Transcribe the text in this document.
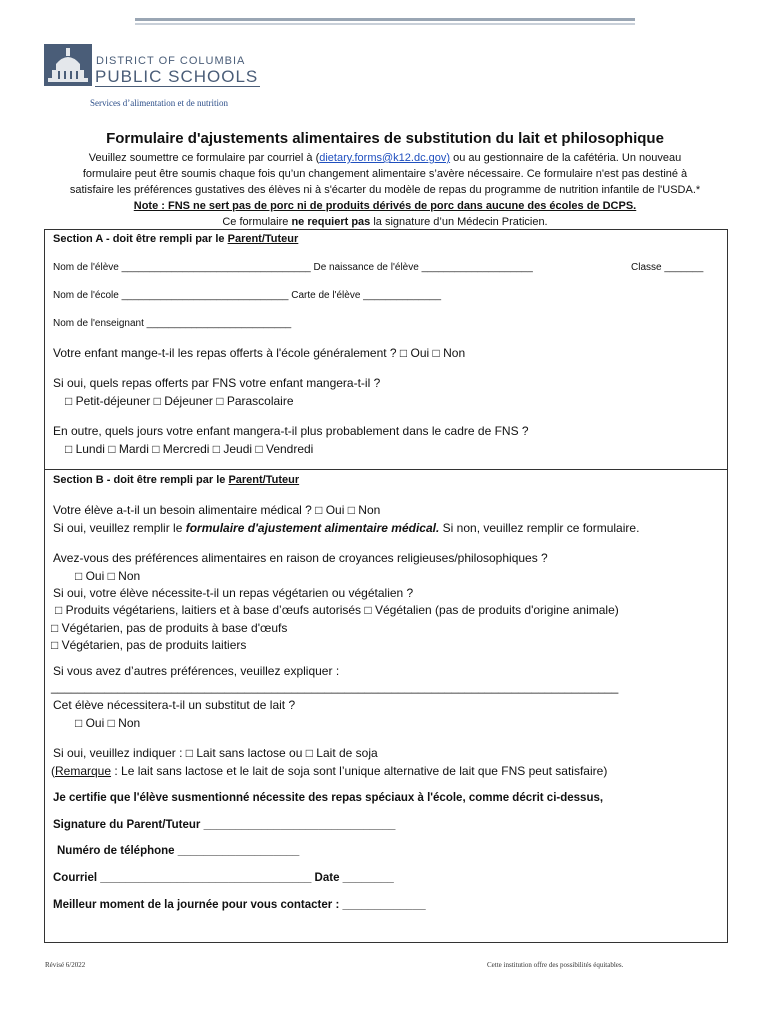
DISTRICT OF COLUMBIA
PUBLIC SCHOOLS
Services d’alimentation et de nutrition
Formulaire d'ajustements alimentaires de substitution du lait et philosophique
Veuillez soumettre ce formulaire par courriel à (dietary.forms@k12.dc.gov) ou au gestionnaire de la cafétéria. Un nouveau
formulaire peut être soumis chaque fois qu’un changement alimentaire s’avère nécessaire. Ce formulaire n'est pas destiné à
satisfaire les préférences gustatives des élèves ni à s'écarter du modèle de repas du programme de nutrition infantile de l'USDA.*
Note : FNS ne sert pas de porc ni de produits dérivés de porc dans aucune des écoles de DCPS.
Ce formulaire ne requiert pas la signature d’un Médecin Praticien.
Section A - doit être rempli par le Parent/Tuteur
Nom de l'élève __________________________________ De naissance de l'élève ____________________	Classe _______
Nom de l'école ______________________________ Carte de l'élève ______________
Nom de l'enseignant __________________________
Votre enfant mange-t-il les repas offerts à l'école généralement ? □ Oui □ Non
Si oui, quels repas offerts par FNS votre enfant mangera-t-il ?
□ Petit-déjeuner □ Déjeuner □ Parascolaire
En outre, quels jours votre enfant mangera-t-il plus probablement dans le cadre de FNS ?
□ Lundi □ Mardi □ Mercredi □ Jeudi □ Vendredi
Section B - doit être rempli par le Parent/Tuteur
Votre élève a-t-il un besoin alimentaire médical ? □ Oui □ Non
Si oui, veuillez remplir le formulaire d'ajustement alimentaire médical. Si non, veuillez remplir ce formulaire.
Avez-vous des préférences alimentaires en raison de croyances religieuses/philosophiques ?
□ Oui □ Non
Si oui, votre élève nécessite-t-il un repas végétarien ou végétalien ?
□ Produits végétariens, laitiers et à base d’œufs autorisés □ Végétalien (pas de produits d'origine animale)
□ Végétarien, pas de produits à base d'œufs
□ Végétarien, pas de produits laitiers
Si vous avez d’autres préférences, veuillez expliquer :
_____________________________________________________________________________________
Cet élève nécessitera-t-il un substitut de lait ?
□ Oui □ Non
Si oui, veuillez indiquer : □ Lait sans lactose ou □ Lait de soja
(Remarque : Le lait sans lactose et le lait de soja sont l’unique alternative de lait que FNS peut satisfaire)
Je certifie que l'élève susmentionné nécessite des repas spéciaux à l'école, comme décrit ci-dessus,
Signature du Parent/Tuteur ______________________________
Numéro de téléphone ___________________
Courriel _________________________________ Date ________
Meilleur moment de la journée pour vous contacter : _____________
Révisé 6/2022	Cette institution offre des possibilités équitables.
